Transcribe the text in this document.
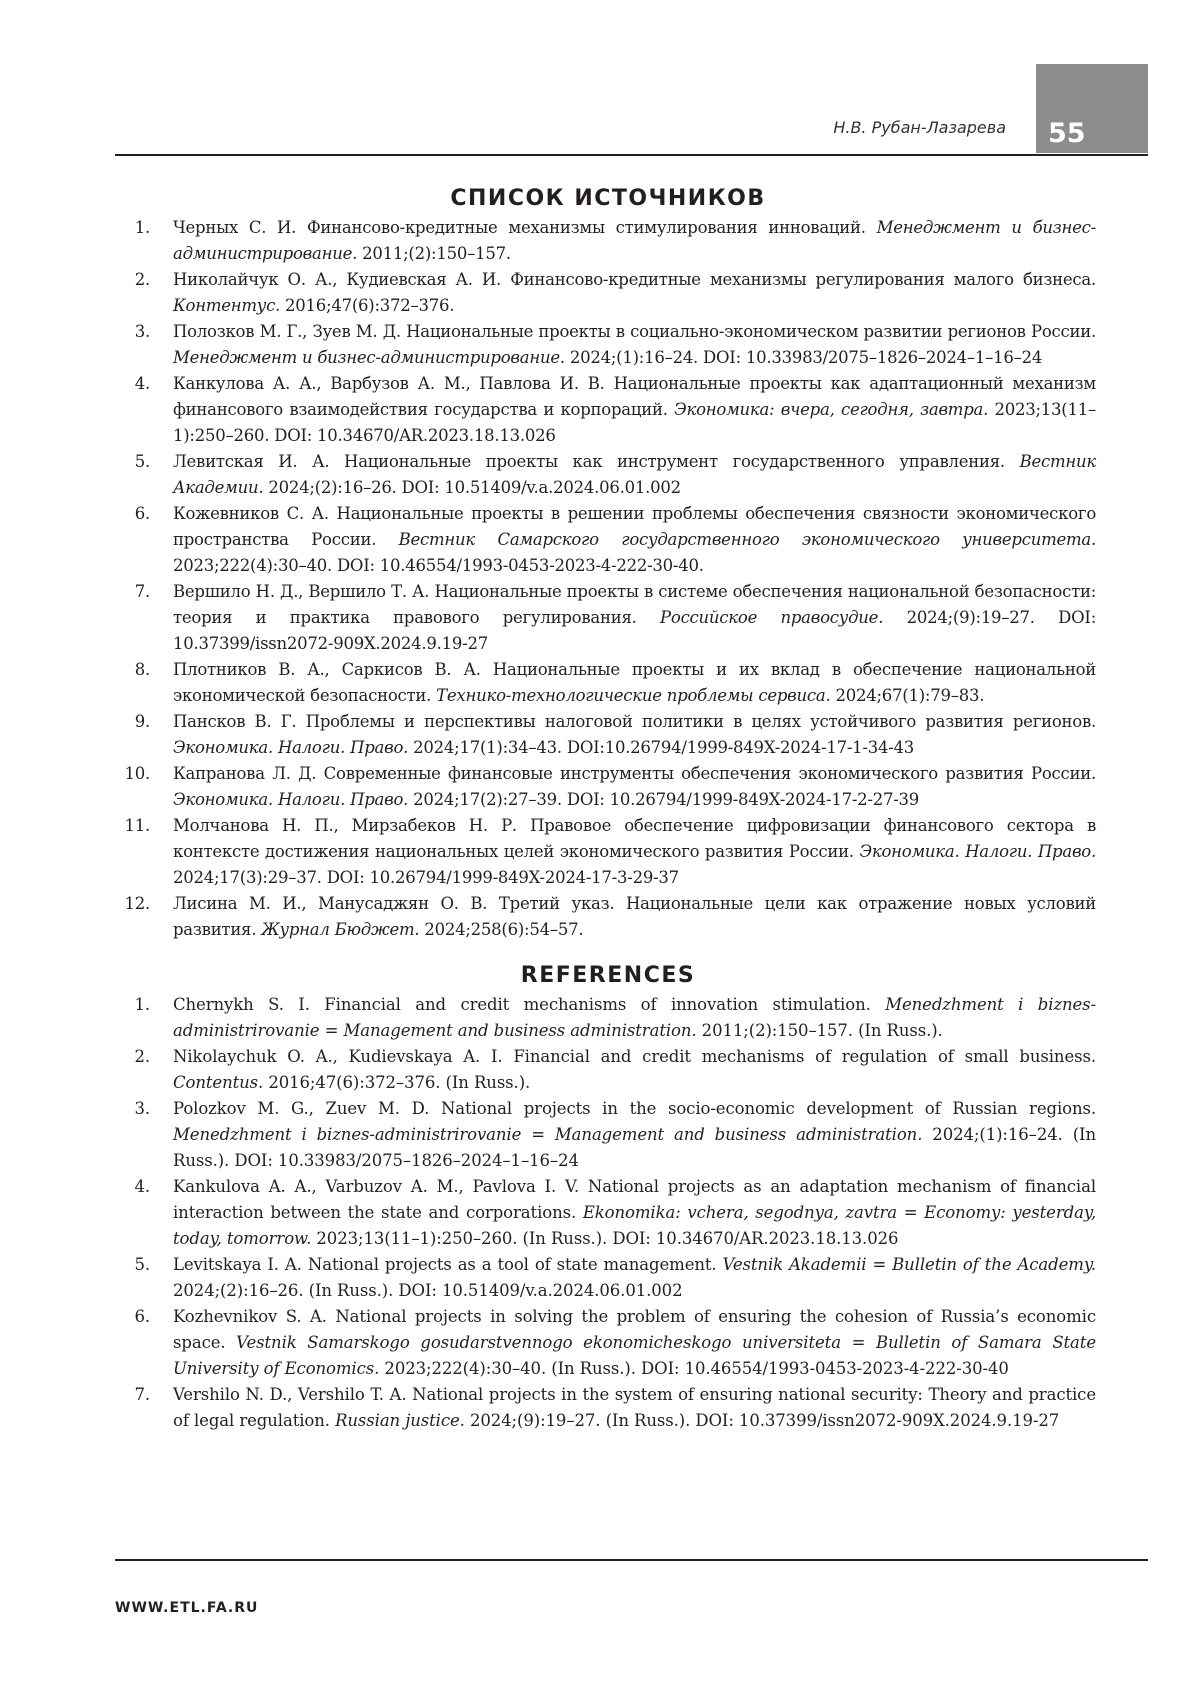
55
Н.В. Рубан-Лазарева
СПИСОК ИСТОЧНИКОВ
1. Черных С. И. Финансово-кредитные механизмы стимулирования инноваций. Менеджмент и бизнес-администрирование. 2011;(2):150–157.
2. Николайчук О. А., Кудиевская А. И. Финансово-кредитные механизмы регулирования малого бизнеса. Контентус. 2016;47(6):372–376.
3. Полозков М. Г., Зуев М. Д. Национальные проекты в социально-экономическом развитии регионов России. Менеджмент и бизнес-администрирование. 2024;(1):16–24. DOI: 10.33983/2075–1826–2024–1–16–24
4. Канкулова А. А., Варбузов А. М., Павлова И. В. Национальные проекты как адаптационный механизм финансового взаимодействия государства и корпораций. Экономика: вчера, сегодня, завтра. 2023;13(11–1):250–260. DOI: 10.34670/AR.2023.18.13.026
5. Левитская И. А. Национальные проекты как инструмент государственного управления. Вестник Академии. 2024;(2):16–26. DOI: 10.51409/v.a.2024.06.01.002
6. Кожевников С. А. Национальные проекты в решении проблемы обеспечения связности экономического пространства России. Вестник Самарского государственного экономического университета. 2023;222(4):30–40. DOI: 10.46554/1993-0453-2023-4-222-30-40.
7. Вершило Н. Д., Вершило Т. А. Национальные проекты в системе обеспечения национальной безопасности: теория и практика правового регулирования. Российское правосудие. 2024;(9):19–27. DOI: 10.37399/issn2072-909X.2024.9.19-27
8. Плотников В. А., Саркисов В. А. Национальные проекты и их вклад в обеспечение национальной экономической безопасности. Технико-технологические проблемы сервиса. 2024;67(1):79–83.
9. Пансков В. Г. Проблемы и перспективы налоговой политики в целях устойчивого развития регионов. Экономика. Налоги. Право. 2024;17(1):34–43. DOI:10.26794/1999-849X-2024-17-1-34-43
10. Капранова Л. Д. Современные финансовые инструменты обеспечения экономического развития России. Экономика. Налоги. Право. 2024;17(2):27–39. DOI: 10.26794/1999-849X-2024-17-2-27-39
11. Молчанова Н. П., Мирзабеков Н. Р. Правовое обеспечение цифровизации финансового сектора в контексте достижения национальных целей экономического развития России. Экономика. Налоги. Право. 2024;17(3):29–37. DOI: 10.26794/1999-849X-2024-17-3-29-37
12. Лисина М. И., Манусаджян О. В. Третий указ. Национальные цели как отражение новых условий развития. Журнал Бюджет. 2024;258(6):54–57.
REFERENCES
1. Chernykh S. I. Financial and credit mechanisms of innovation stimulation. Menedzhment i biznes-administrirovanie = Management and business administration. 2011;(2):150–157. (In Russ.).
2. Nikolaychuk O. A., Kudievskaya A. I. Financial and credit mechanisms of regulation of small business. Contentus. 2016;47(6):372–376. (In Russ.).
3. Polozkov M. G., Zuev M. D. National projects in the socio-economic development of Russian regions. Menedzhment i biznes-administrirovanie = Management and business administration. 2024;(1):16–24. (In Russ.). DOI: 10.33983/2075–1826–2024–1–16–24
4. Kankulova A. A., Varbuzov A. M., Pavlova I. V. National projects as an adaptation mechanism of financial interaction between the state and corporations. Ekonomika: vchera, segodnya, zavtra = Economy: yesterday, today, tomorrow. 2023;13(11–1):250–260. (In Russ.). DOI: 10.34670/AR.2023.18.13.026
5. Levitskaya I. A. National projects as a tool of state management. Vestnik Akademii = Bulletin of the Academy. 2024;(2):16–26. (In Russ.). DOI: 10.51409/v.a.2024.06.01.002
6. Kozhevnikov S. A. National projects in solving the problem of ensuring the cohesion of Russia’s economic space. Vestnik Samarskogo gosudarstvennogo ekonomicheskogo universiteta = Bulletin of Samara State University of Economics. 2023;222(4):30–40. (In Russ.). DOI: 10.46554/1993-0453-2023-4-222-30-40
7. Vershilo N. D., Vershilo T. A. National projects in the system of ensuring national security: Theory and practice of legal regulation. Russian justice. 2024;(9):19–27. (In Russ.). DOI: 10.37399/issn2072-909X.2024.9.19-27
WWW.ETL.FA.RU
